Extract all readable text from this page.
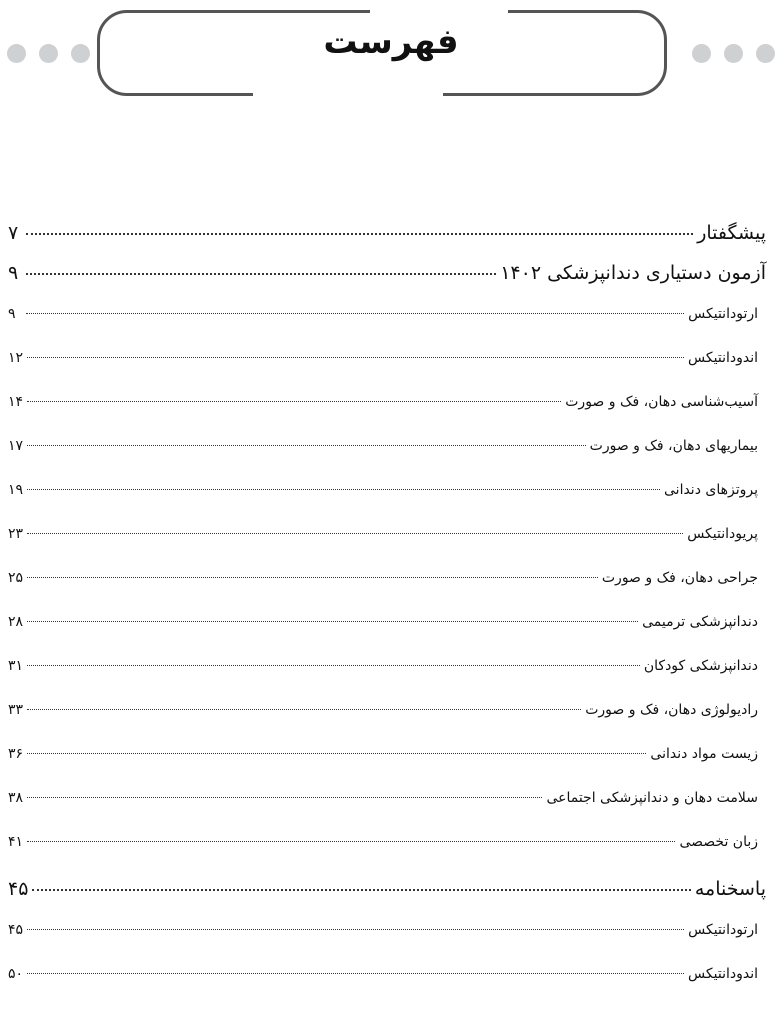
فهرست
پیشگفتار
۷
آزمون دستیاری دندانپزشکی ۱۴۰۲
۹
ارتودانتیکس
۹
اندودانتیکس
۱۲
آسیب‌شناسی دهان، فک و صورت
۱۴
بیماریهای دهان، فک و صورت
۱۷
پروتزهای دندانی
۱۹
پریودانتیکس
۲۳
جراحی دهان، فک و صورت
۲۵
دندانپزشکی ترمیمی
۲۸
دندانپزشکی کودکان
۳۱
رادیولوژی دهان، فک و صورت
۳۳
زیست مواد دندانی
۳۶
سلامت دهان و دندانپزشکی اجتماعی
۳۸
زبان تخصصی
۴۱
پاسخنامه
۴۵
ارتودانتیکس
۴۵
اندودانتیکس
۵۰
